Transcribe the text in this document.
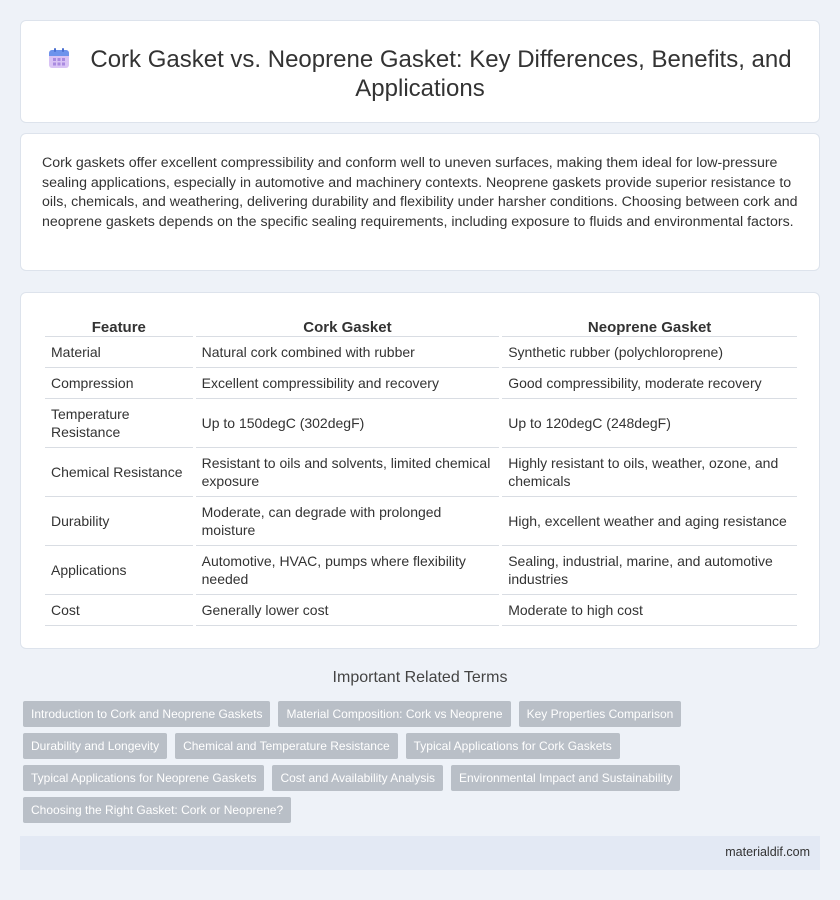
Cork Gasket vs. Neoprene Gasket: Key Differences, Benefits, and Applications

Cork gaskets offer excellent compressibility and conform well to uneven surfaces, making them ideal for low-pressure sealing applications, especially in automotive and machinery contexts. Neoprene gaskets provide superior resistance to oils, chemicals, and weathering, delivering durability and flexibility under harsher conditions. Choosing between cork and neoprene gaskets depends on the specific sealing requirements, including exposure to fluids and environmental factors.

Feature	Cork Gasket	Neoprene Gasket
Material	Natural cork combined with rubber	Synthetic rubber (polychloroprene)
Compression	Excellent compressibility and recovery	Good compressibility, moderate recovery
Temperature Resistance	Up to 150degC (302degF)	Up to 120degC (248degF)
Chemical Resistance	Resistant to oils and solvents, limited chemical exposure	Highly resistant to oils, weather, ozone, and chemicals
Durability	Moderate, can degrade with prolonged moisture	High, excellent weather and aging resistance
Applications	Automotive, HVAC, pumps where flexibility needed	Sealing, industrial, marine, and automotive industries
Cost	Generally lower cost	Moderate to high cost
Important Related Terms
Introduction to Cork and Neoprene Gaskets	Material Composition: Cork vs Neoprene	Key Properties Comparison
Durability and Longevity	Chemical and Temperature Resistance	Typical Applications for Cork Gaskets
Typical Applications for Neoprene Gaskets	Cost and Availability Analysis	Environmental Impact and Sustainability
Choosing the Right Gasket: Cork or Neoprene?
materialdif.com
